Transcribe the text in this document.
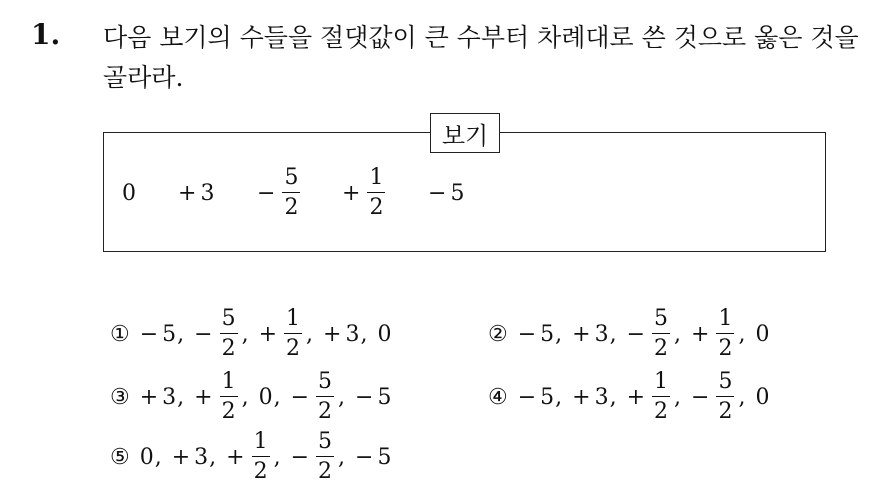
1. 다음 보기의 수들을 절댓값이 큰 수부터 차례대로 쓴 것으로 옳은 것을 골라라.
보기
$0 + 3 - \frac{5}{2} + \frac{1}{2} - 5$
① − 5 , − $\frac{5}{2}$ , + $\frac{1}{2}$ , + 3 , 0	② − 5 , + 3 , − $\frac{5}{2}$ , + $\frac{1}{2}$ , 0
③ + 3 , + $\frac{1}{2}$ , 0 , − $\frac{5}{2}$ , − 5	④ − 5 , + 3 , + $\frac{1}{2}$ , − $\frac{5}{2}$ , 0
⑤ 0 , + 3 , + $\frac{1}{2}$ , − $\frac{5}{2}$ , − 5
